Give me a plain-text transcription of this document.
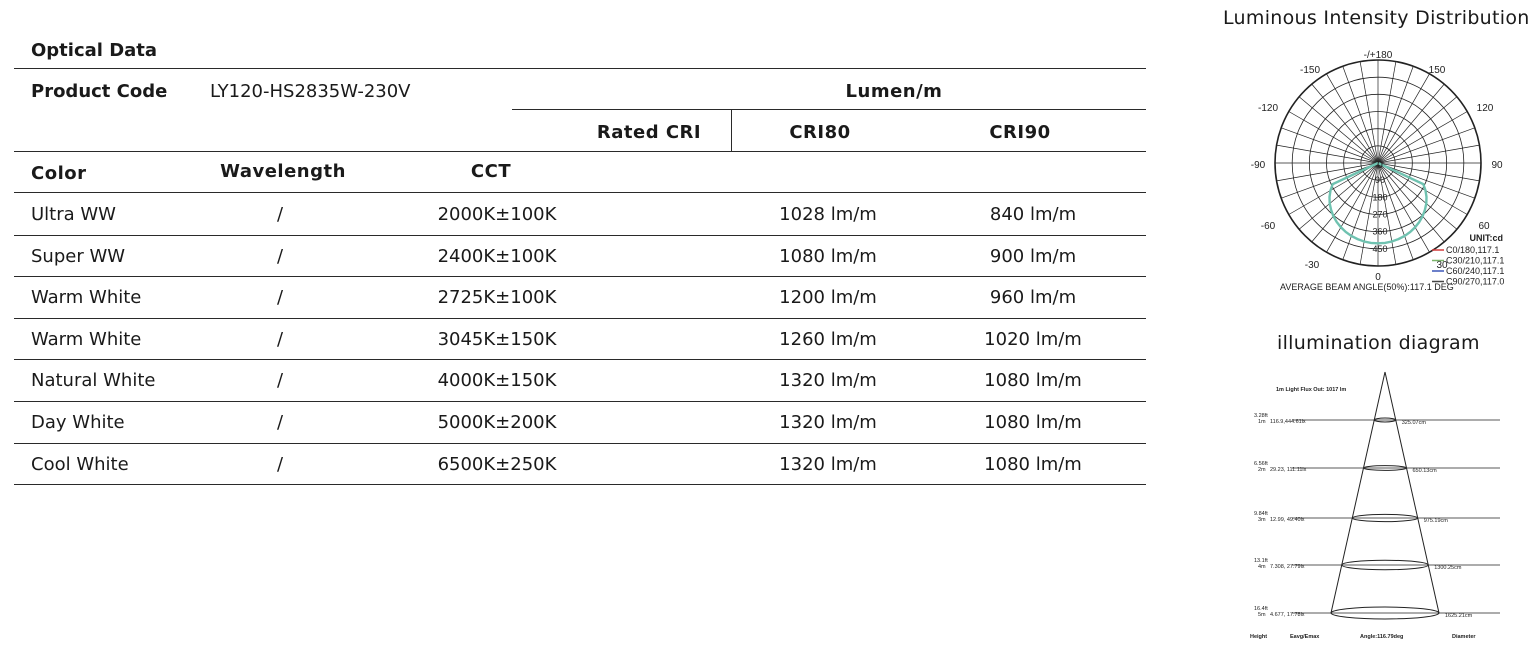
Optical Data
Product Code LY120-HS2835W-230V	Lumen/m
Rated CRI	CRI80	CRI90
Color	Wavelength	CCT
Ultra WW	/	2000K±100K	1028 lm/m	840 lm/m
Super WW	/	2400K±100K	1080 lm/m	900 lm/m
Warm White	/	2725K±100K	1200 lm/m	960 lm/m
Warm White	/	3045K±150K	1260 lm/m	1020 lm/m
Natural White	/	4000K±150K	1320 lm/m	1080 lm/m
Day White	/	5000K±200K	1320 lm/m	1080 lm/m
Cool White	/	6500K±250K	1320 lm/m	1080 lm/m
Luminous Intensity Distribution
-/+180
-150	150
-120	120
-90	90
-60	60
-30	30
0
90
180
270
360
450
0
UNIT:cd
C0/180,117.1
C30/210,117.1
C60/240,117.1
C90/270,117.0
AVERAGE BEAM ANGLE(50%):117.1 DEG
illumination diagram
1m Light Flux Out: 1017 lm
3.28ft
1m 116.9,444.61lx	325.07cm
6.56ft
2m 29.23, 111.11lx	650.13cm
9.84ft
3m 12.99, 49.40lx	975.19cm
13.1ft
4m 7.308, 27.79lx	1300.25cm
16.4ft
5m 4.677, 17.78lx	1625.21cm
Height	Eavg/Emax	Angle:116.79deg	Diameter
